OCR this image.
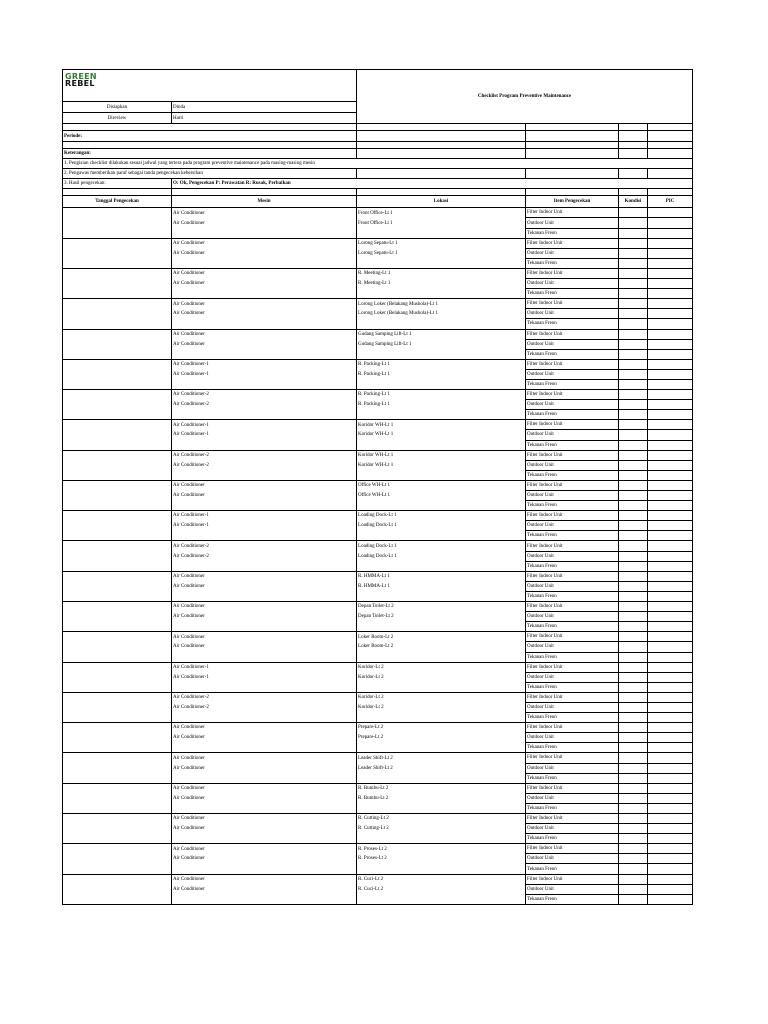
GREEN
REBEL		Checklist Program Preventive Maintenance			
Disiapkan	Dinda				
Direview	Harri				

Periode:					

Keterangan:					
1. Pengisian checklist dilakukan sesuai jadwal yang tertera pada program preventive maintenance pada masing-masing mesin					
2. Pengawas memberikan paraf sebagai tanda pengecekan kebersihan					
3. Hasil pengecekan:	O: Ok, Pengecekan P: Perawatan R: Rusak, Perbaikan				

Tanggal Pengecekan	Mesin	Lokasi	Item Pengecekan	Kondisi	PIC
	Air Conditioner	Front Office-Lt 1	Filter Indoor Unit		
	Air Conditioner	Front Office-Lt 1	Outdoor Unit		
			Tekanan Freon		
	Air Conditioner	Lorong Sepatu-Lt 1	Filter Indoor Unit		
	Air Conditioner	Lorong Sepatu-Lt 1	Outdoor Unit		
			Tekanan Freon		
	Air Conditioner	R. Meeting-Lt 1	Filter Indoor Unit		
	Air Conditioner	R. Meeting-Lt 1	Outdoor Unit		
			Tekanan Freon		
	Air Conditioner	Lorong Loker (Belakang Mushola)-Lt 1	Filter Indoor Unit		
	Air Conditioner	Lorong Loker (Belakang Mushola)-Lt 1	Outdoor Unit		
			Tekanan Freon		
	Air Conditioner	Gudang Samping Lift-Lt 1	Filter Indoor Unit		
	Air Conditioner	Gudang Samping Lift-Lt 1	Outdoor Unit		
			Tekanan Freon		
	Air Conditioner-1	R. Packing-Lt 1	Filter Indoor Unit		
	Air Conditioner-1	R. Packing-Lt 1	Outdoor Unit		
			Tekanan Freon		
	Air Conditioner-2	R. Packing-Lt 1	Filter Indoor Unit		
	Air Conditioner-2	R. Packing-Lt 1	Outdoor Unit		
			Tekanan Freon		
	Air Conditioner-1	Koridor WH-Lt 1	Filter Indoor Unit		
	Air Conditioner-1	Koridor WH-Lt 1	Outdoor Unit		
			Tekanan Freon		
	Air Conditioner-2	Koridor WH-Lt 1	Filter Indoor Unit		
	Air Conditioner-2	Koridor WH-Lt 1	Outdoor Unit		
			Tekanan Freon		
	Air Conditioner	Office WH-Lt 1	Filter Indoor Unit		
	Air Conditioner	Office WH-Lt 1	Outdoor Unit		
			Tekanan Freon		
	Air Conditioner-1	Loading Dock-Lt 1	Filter Indoor Unit		
	Air Conditioner-1	Loading Dock-Lt 1	Outdoor Unit		
			Tekanan Freon		
	Air Conditioner-2	Loading Dock-Lt 1	Filter Indoor Unit		
	Air Conditioner-2	Loading Dock-Lt 1	Outdoor Unit		
			Tekanan Freon		
	Air Conditioner	R. HMMA-Lt 1	Filter Indoor Unit		
	Air Conditioner	R. HMMA-Lt 1	Outdoor Unit		
			Tekanan Freon		
	Air Conditioner	Depan Toilet-Lt 2	Filter Indoor Unit		
	Air Conditioner	Depan Toilet-Lt 2	Outdoor Unit		
			Tekanan Freon		
	Air Conditioner	Loker Room-Lt 2	Filter Indoor Unit		
	Air Conditioner	Loker Room-Lt 2	Outdoor Unit		
			Tekanan Freon		
	Air Conditioner-1	Koridor-Lt 2	Filter Indoor Unit		
	Air Conditioner-1	Koridor-Lt 2	Outdoor Unit		
			Tekanan Freon		
	Air Conditioner-2	Koridor-Lt 2	Filter Indoor Unit		
	Air Conditioner-2	Koridor-Lt 2	Outdoor Unit		
			Tekanan Freon		
	Air Conditioner	Prepare-Lt 2	Filter Indoor Unit		
	Air Conditioner	Prepare-Lt 2	Outdoor Unit		
			Tekanan Freon		
	Air Conditioner	Leader Shift-Lt 2	Filter Indoor Unit		
	Air Conditioner	Leader Shift-Lt 2	Outdoor Unit		
			Tekanan Freon		
	Air Conditioner	R. Bumbu-Lt 2	Filter Indoor Unit		
	Air Conditioner	R. Bumbu-Lt 2	Outdoor Unit		
			Tekanan Freon		
	Air Conditioner	R. Cutting-Lt 2	Filter Indoor Unit		
	Air Conditioner	R. Cutting-Lt 2	Outdoor Unit		
			Tekanan Freon		
	Air Conditioner	R. Proses-Lt 2	Filter Indoor Unit		
	Air Conditioner	R. Proses-Lt 2	Outdoor Unit		
			Tekanan Freon		
	Air Conditioner	R. Cuci-Lt 2	Filter Indoor Unit		
	Air Conditioner	R. Cuci-Lt 2	Outdoor Unit		
			Tekanan Freon		
